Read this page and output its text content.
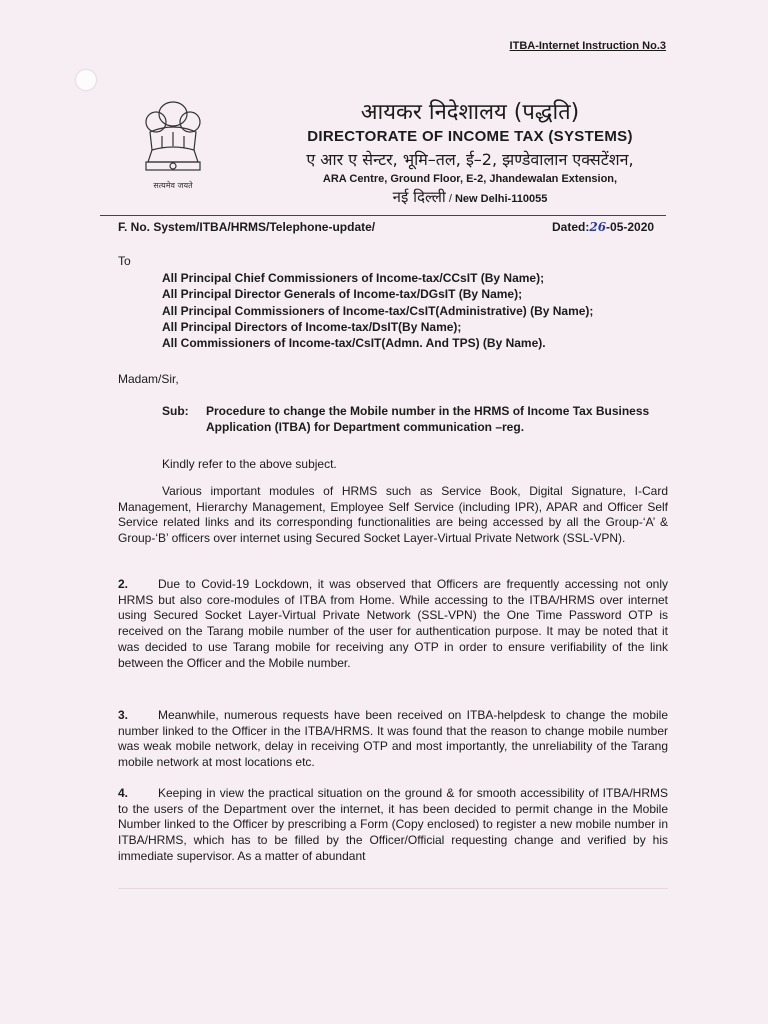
ITBA-Internet Instruction No.3
सत्यमेव जयते
आयकर निदेशालय (पद्धति)
DIRECTORATE OF INCOME TAX (SYSTEMS)
ए आर ए सेन्टर, भूमि–तल, ई–2, झण्डेवालान एक्सटेंशन,
ARA Centre, Ground Floor, E-2, Jhandewalan Extension,
नई दिल्ली / New Delhi-110055
F. No. System/ITBA/HRMS/Telephone-update/	Dated:26-05-2020
To
All Principal Chief Commissioners of Income-tax/CCsIT (By Name);
All Principal Director Generals of Income-tax/DGsIT (By Name);
All Principal Commissioners of Income-tax/CsIT(Administrative) (By Name);
All Principal Directors of Income-tax/DsIT(By Name);
All Commissioners of Income-tax/CsIT(Admn. And TPS) (By Name).
Madam/Sir,
Sub: Procedure to change the Mobile number in the HRMS of Income Tax Business Application (ITBA) for Department communication –reg.
Kindly refer to the above subject.

Various important modules of HRMS such as Service Book, Digital Signature, I-Card Management, Hierarchy Management, Employee Self Service (including IPR), APAR and Officer Self Service related links and its corresponding functionalities are being accessed by all the Group-‘A’ & Group-‘B’ officers over internet using Secured Socket Layer-Virtual Private Network (SSL-VPN).

2. Due to Covid-19 Lockdown, it was observed that Officers are frequently accessing not only HRMS but also core-modules of ITBA from Home. While accessing to the ITBA/HRMS over internet using Secured Socket Layer-Virtual Private Network (SSL-VPN) the One Time Password OTP is received on the Tarang mobile number of the user for authentication purpose. It may be noted that it was decided to use Tarang mobile for receiving any OTP in order to ensure verifiability of the link between the Officer and the Mobile number.

3. Meanwhile, numerous requests have been received on ITBA-helpdesk to change the mobile number linked to the Officer in the ITBA/HRMS. It was found that the reason to change mobile number was weak mobile network, delay in receiving OTP and most importantly, the unreliability of the Tarang mobile network at most locations etc.

4. Keeping in view the practical situation on the ground & for smooth accessibility of ITBA/HRMS to the users of the Department over the internet, it has been decided to permit change in the Mobile Number linked to the Officer by prescribing a Form (Copy enclosed) to register a new mobile number in ITBA/HRMS, which has to be filled by the Officer/Official requesting change and verified by his immediate supervisor. As a matter of abundant
